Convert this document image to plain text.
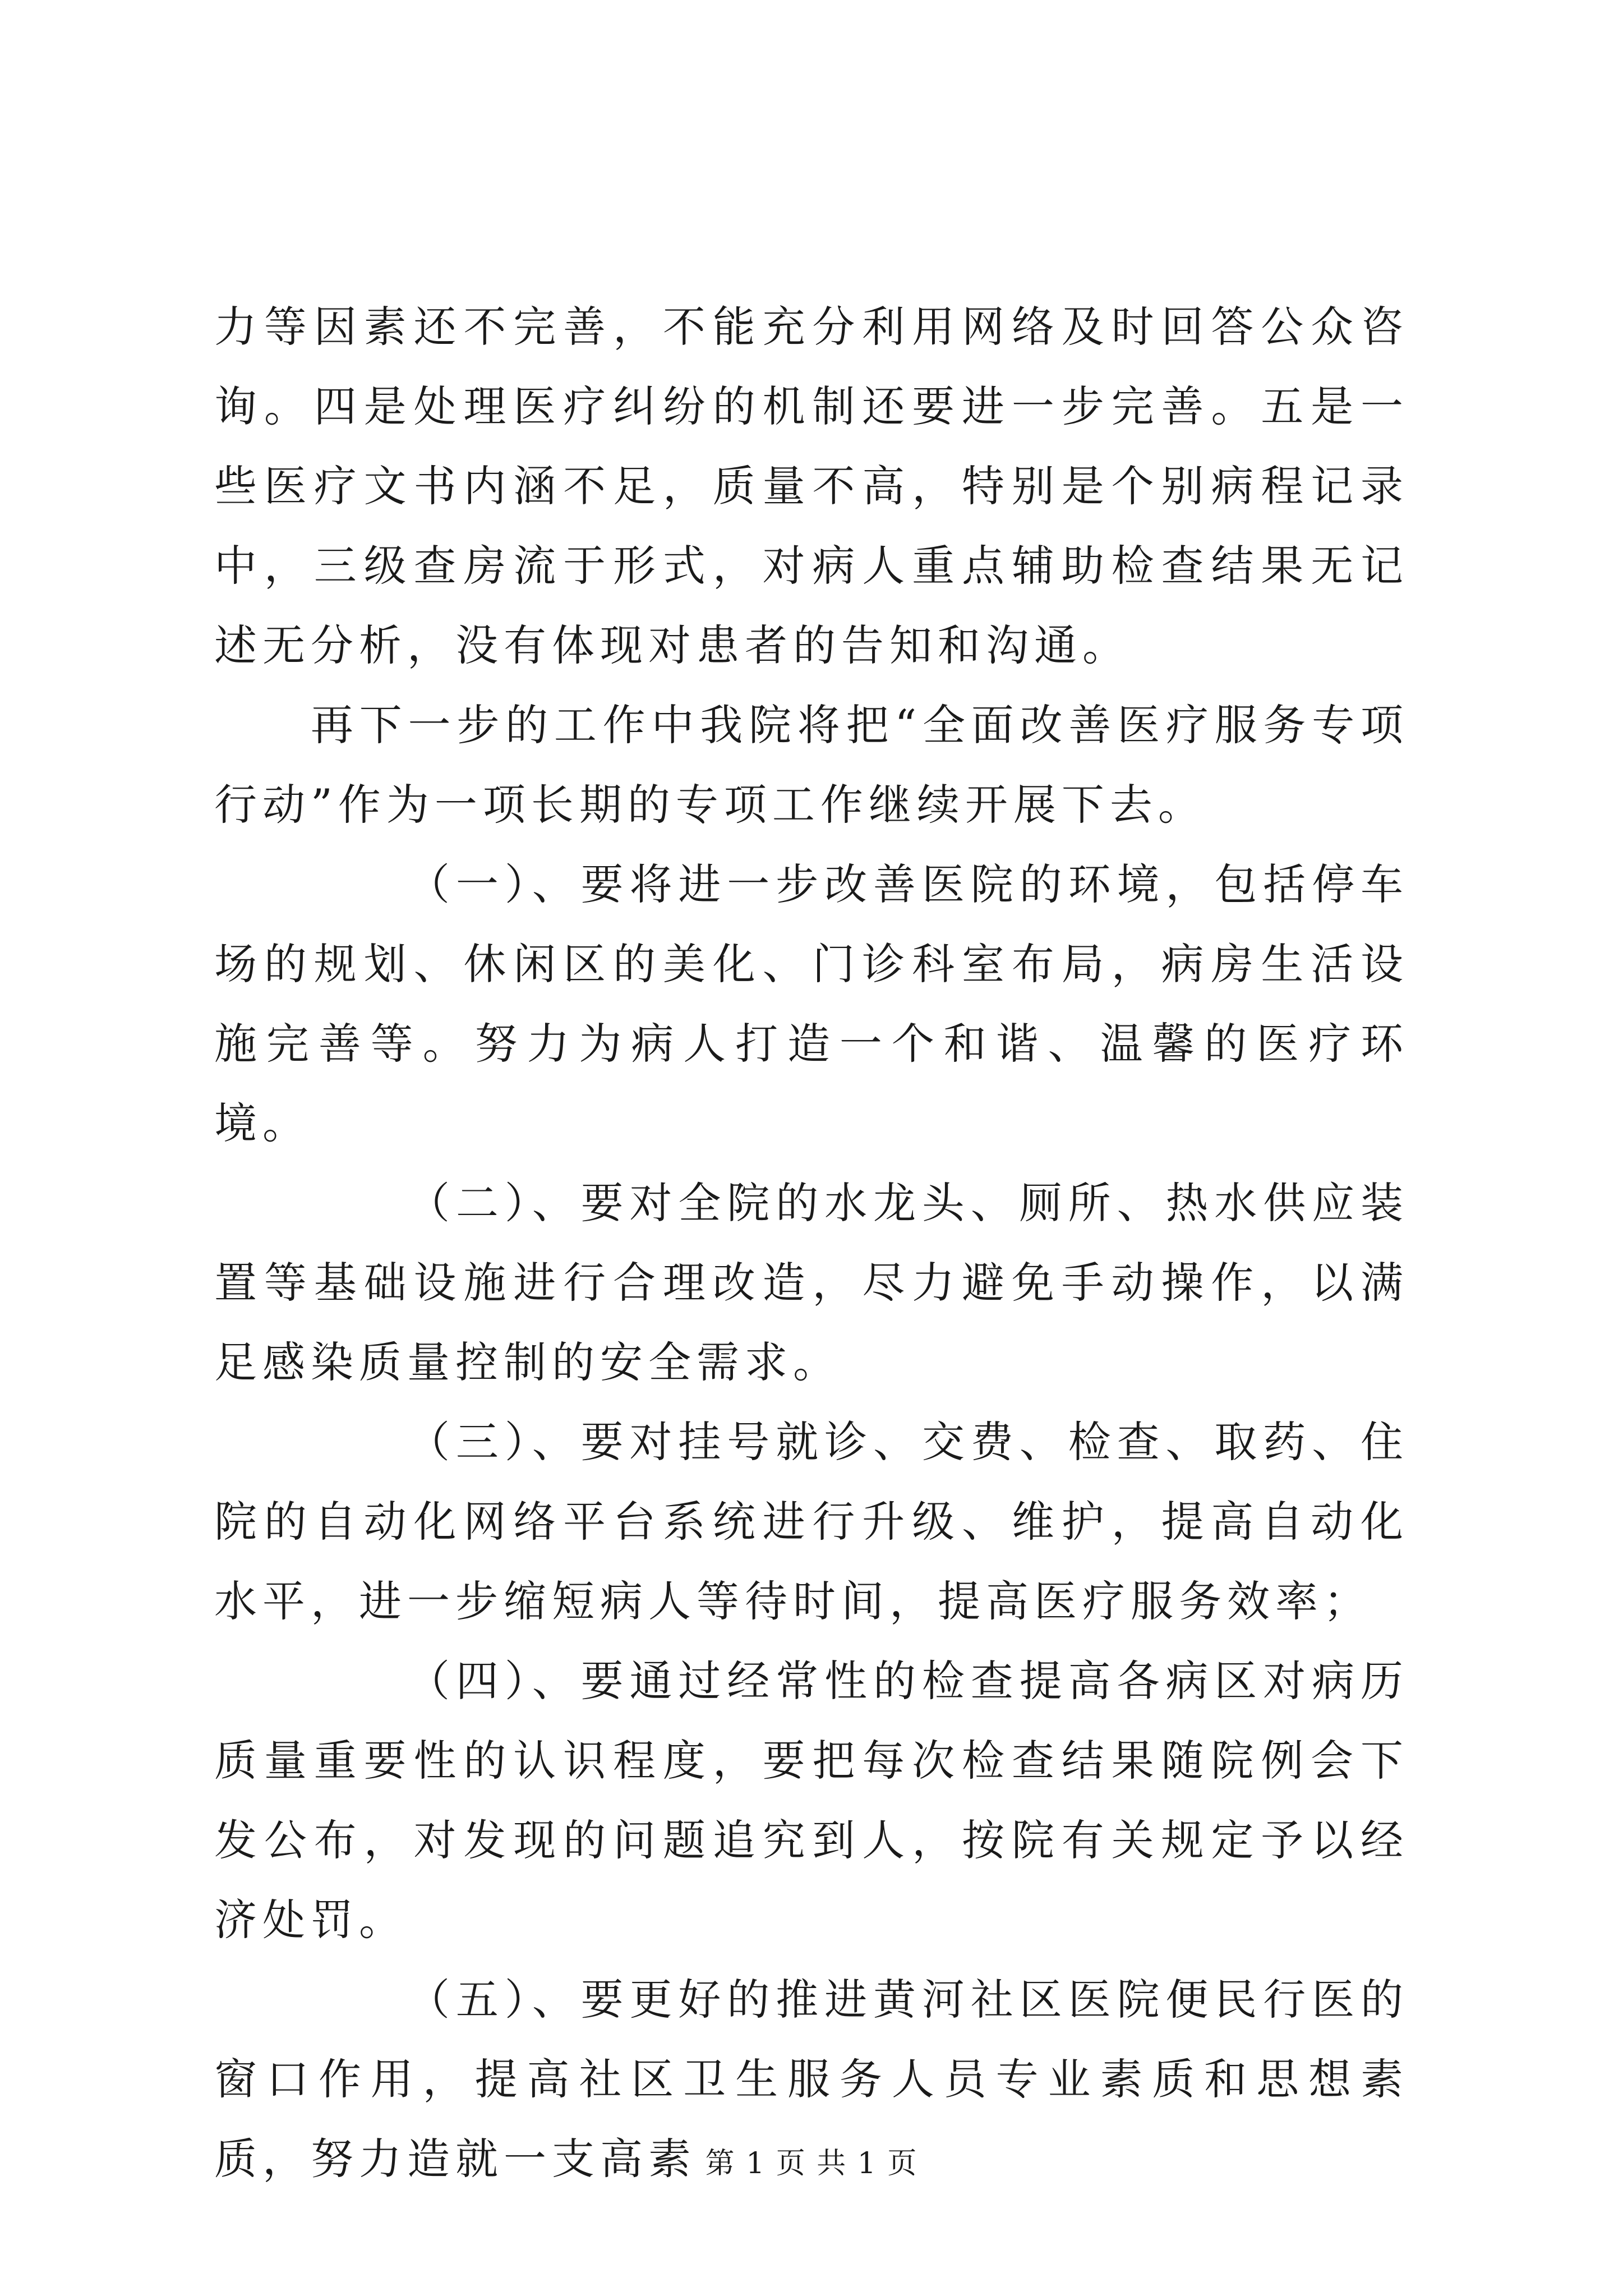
力等因素还不完善，不能充分利用网络及时回答公众咨询。四是处理医疗纠纷的机制还要进一步完善。五是一些医疗文书内涵不足，质量不高，特别是个别病程记录中，三级查房流于形式，对病人重点辅助检查结果无记述无分析，没有体现对患者的告知和沟通。

再下一步的工作中我院将把“全面改善医疗服务专项行动”作为一项长期的专项工作继续开展下去。

（一）、要将进一步改善医院的环境，包括停车场的规划、休闲区的美化、门诊科室布局，病房生活设施完善等。努力为病人打造一个和谐、温馨的医疗环境。

（二）、要对全院的水龙头、厕所、热水供应装置等基础设施进行合理改造，尽力避免手动操作，以满足感染质量控制的安全需求。

（三）、要对挂号就诊、交费、检查、取药、住院的自动化网络平台系统进行升级、维护，提高自动化水平，进一步缩短病人等待时间，提高医疗服务效率；

（四）、要通过经常性的检查提高各病区对病历质量重要性的认识程度，要把每次检查结果随院例会下发公布，对发现的问题追究到人，按院有关规定予以经济处罚。

（五）、要更好的推进黄河社区医院便民行医的窗口作用，提高社区卫生服务人员专业素质和思想素质，努力造就一支高素 第 1 页 共 1 页
